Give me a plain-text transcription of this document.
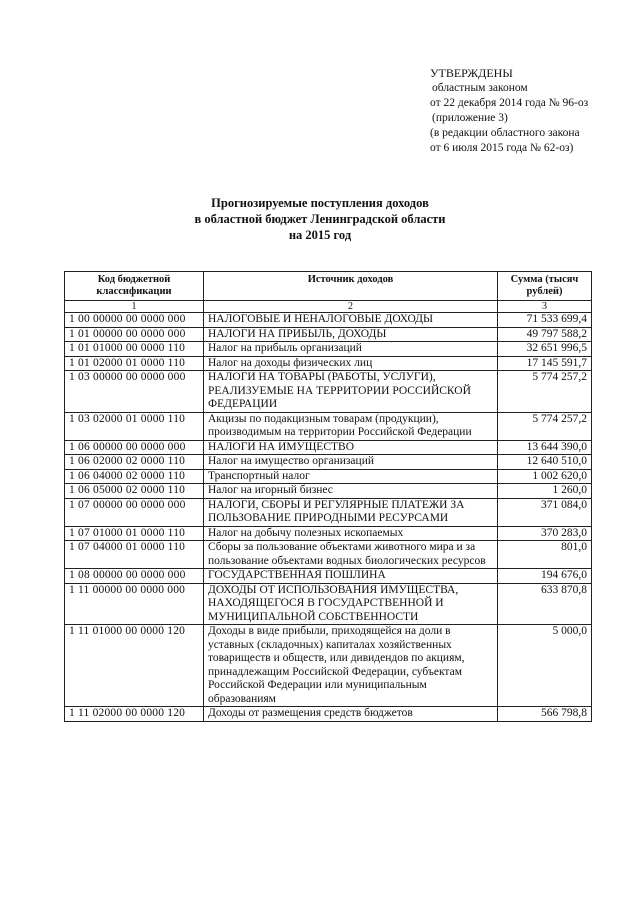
УТВЕРЖДЕНЫ
областным законом
от 22 декабря 2014 года № 96-оз
(приложение 3)
(в редакции областного закона
от 6 июля 2015 года № 62-оз)
Прогнозируемые поступления доходов
в областной бюджет Ленинградской области
на 2015 год
Код бюджетной классификации	Источник доходов	Сумма (тысяч рублей)
1	2	3
1 00 00000 00 0000 000	НАЛОГОВЫЕ И НЕНАЛОГОВЫЕ ДОХОДЫ	71 533 699,4
1 01 00000 00 0000 000	НАЛОГИ НА ПРИБЫЛЬ, ДОХОДЫ	49 797 588,2
1 01 01000 00 0000 110	Налог на прибыль организаций	32 651 996,5
1 01 02000 01 0000 110	Налог на доходы физических лиц	17 145 591,7
1 03 00000 00 0000 000	НАЛОГИ НА ТОВАРЫ (РАБОТЫ, УСЛУГИ), РЕАЛИЗУЕМЫЕ НА ТЕРРИТОРИИ РОССИЙСКОЙ ФЕДЕРАЦИИ	5 774 257,2
1 03 02000 01 0000 110	Акцизы по подакцизным товарам (продукции), производимым на территории Российской Федерации	5 774 257,2
1 06 00000 00 0000 000	НАЛОГИ НА ИМУЩЕСТВО	13 644 390,0
1 06 02000 02 0000 110	Налог на имущество организаций	12 640 510,0
1 06 04000 02 0000 110	Транспортный налог	1 002 620,0
1 06 05000 02 0000 110	Налог на игорный бизнес	1 260,0
1 07 00000 00 0000 000	НАЛОГИ, СБОРЫ И РЕГУЛЯРНЫЕ ПЛАТЕЖИ ЗА ПОЛЬЗОВАНИЕ ПРИРОДНЫМИ РЕСУРСАМИ	371 084,0
1 07 01000 01 0000 110	Налог на добычу полезных ископаемых	370 283,0
1 07 04000 01 0000 110	Сборы за пользование объектами животного мира и за пользование объектами водных биологических ресурсов	801,0
1 08 00000 00 0000 000	ГОСУДАРСТВЕННАЯ ПОШЛИНА	194 676,0
1 11 00000 00 0000 000	ДОХОДЫ ОТ ИСПОЛЬЗОВАНИЯ ИМУЩЕСТВА, НАХОДЯЩЕГОСЯ В ГОСУДАРСТВЕННОЙ И МУНИЦИПАЛЬНОЙ СОБСТВЕННОСТИ	633 870,8
1 11 01000 00 0000 120	Доходы в виде прибыли, приходящейся на доли в уставных (складочных) капиталах хозяйственных товариществ и обществ, или дивидендов по акциям, принадлежащим Российской Федерации, субъектам Российской Федерации или муниципальным образованиям	5 000,0
1 11 02000 00 0000 120	Доходы от размещения средств бюджетов	566 798,8
